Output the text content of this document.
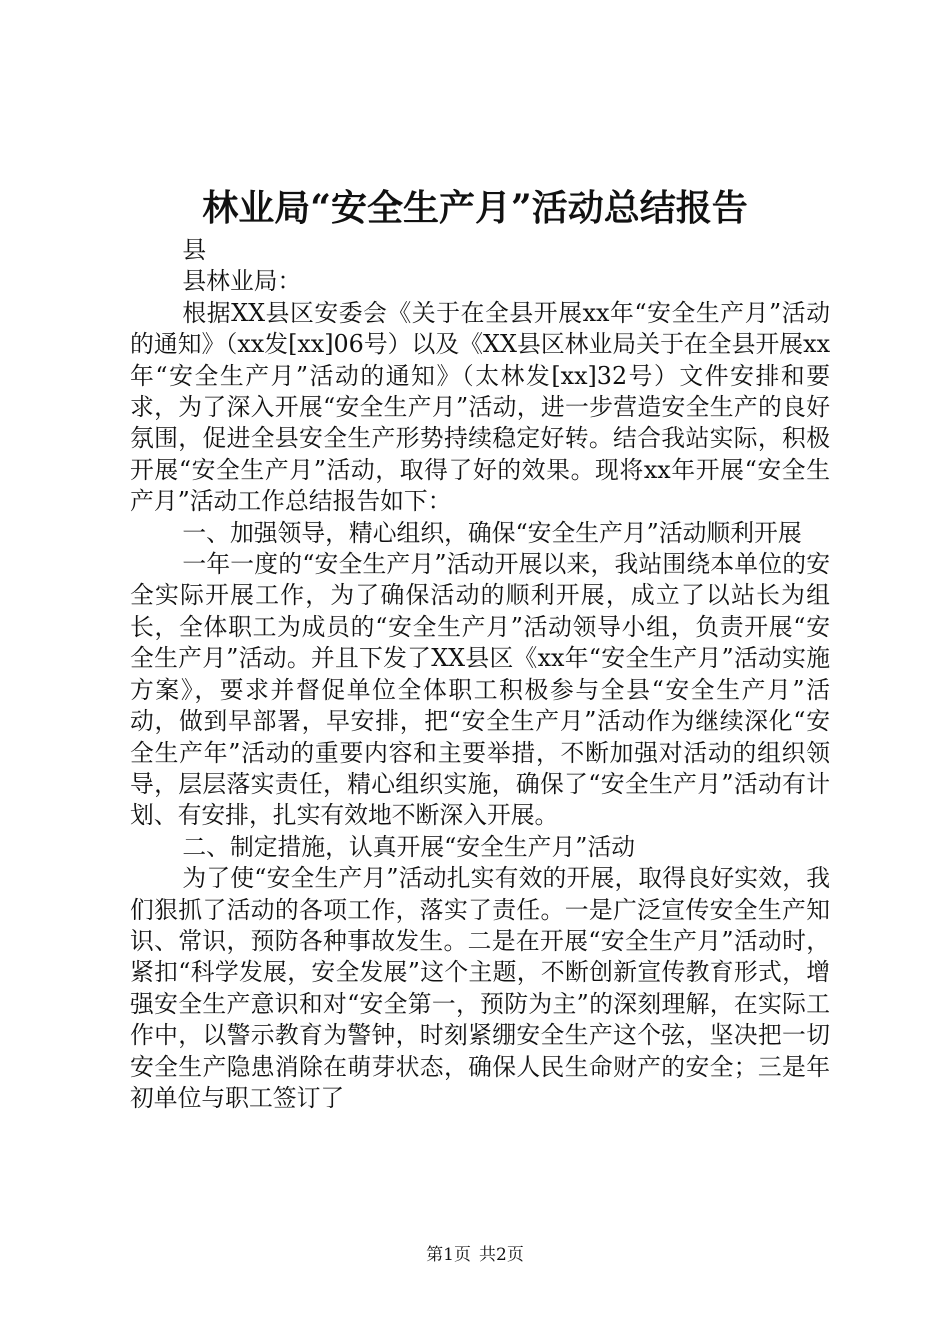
林业局“安全生产月”活动总结报告

县

县林业局：

根据XX县区安委会《关于在全县开展xx年“安全生产月”活动的通知》（xx发[xx]06号）以及《XX县区林业局关于在全县开展xx年“安全生产月”活动的通知》（太林发[xx]32号）文件安排和要求，为了深入开展“安全生产月”活动，进一步营造安全生产的良好氛围，促进全县安全生产形势持续稳定好转。结合我站实际，积极开展“安全生产月”活动，取得了好的效果。现将xx年开展“安全生产月”活动工作总结报告如下：

一、加强领导，精心组织，确保“安全生产月”活动顺利开展

一年一度的“安全生产月”活动开展以来，我站围绕本单位的安全实际开展工作，为了确保活动的顺利开展，成立了以站长为组长，全体职工为成员的“安全生产月”活动领导小组，负责开展“安全生产月”活动。并且下发了XX县区《xx年“安全生产月”活动实施方案》，要求并督促单位全体职工积极参与全县“安全生产月”活动，做到早部署，早安排，把“安全生产月”活动作为继续深化“安全生产年”活动的重要内容和主要举措，不断加强对活动的组织领导，层层落实责任，精心组织实施，确保了“安全生产月”活动有计划、有安排，扎实有效地不断深入开展。

二、制定措施，认真开展“安全生产月”活动

为了使“安全生产月”活动扎实有效的开展，取得良好实效，我们狠抓了活动的各项工作，落实了责任。一是广泛宣传安全生产知识、常识，预防各种事故发生。二是在开展“安全生产月”活动时，紧扣“科学发展，安全发展”这个主题，不断创新宣传教育形式，增强安全生产意识和对“安全第一，预防为主”的深刻理解，在实际工作中，以警示教育为警钟，时刻紧绷安全生产这个弦，坚决把一切安全生产隐患消除在萌芽状态，确保人民生命财产的安全；三是年初单位与职工签订了

第1页 共2页
